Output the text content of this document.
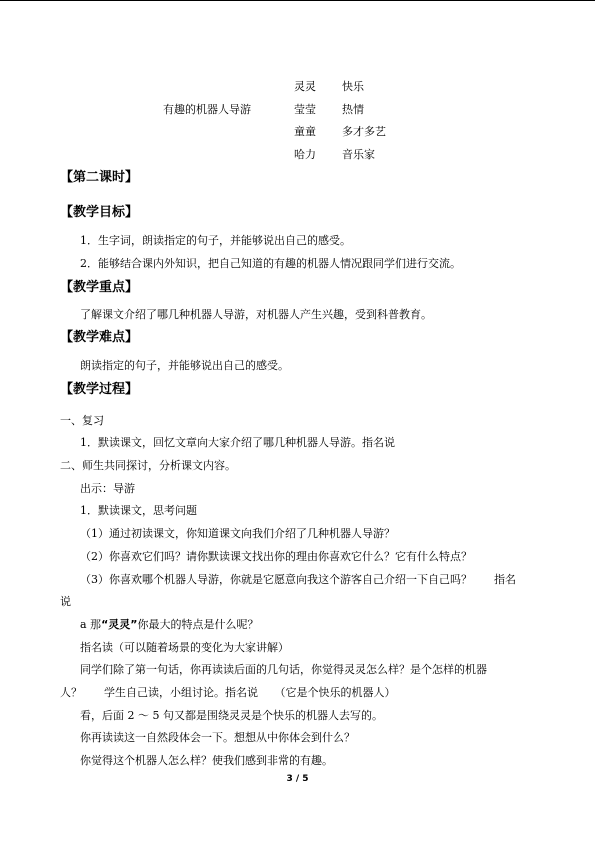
有趣的机器人导游
灵灵 快乐
莹莹 热情
童童 多才多艺
哈力 音乐家
【第二课时】
【教学目标】
1．生字词，朗读指定的句子，并能够说出自己的感受。
2．能够结合课内外知识，把自己知道的有趣的机器人情况跟同学们进行交流。
【教学重点】
了解课文介绍了哪几种机器人导游，对机器人产生兴趣，受到科普教育。
【教学难点】
朗读指定的句子，并能够说出自己的感受。
【教学过程】
一、复习
1．默读课文，回忆文章向大家介绍了哪几种机器人导游。指名说
二、师生共同探讨，分析课文内容。
出示：导游
1．默读课文，思考问题
（1）通过初读课文，你知道课文向我们介绍了几种机器人导游？
（2）你喜欢它们吗？请你默读课文找出你的理由你喜欢它什么？它有什么特点？
（3）你喜欢哪个机器人导游，你就是它愿意向我这个游客自己介绍一下自己吗？　　指名
说
a 那“灵灵”你最大的特点是什么呢？
指名读（可以随着场景的变化为大家讲解）
同学们除了第一句话，你再读读后面的几句话，你觉得灵灵怎么样？是个怎样的机器
人？　　学生自己读，小组讨论。指名说　　（它是个快乐的机器人）
看，后面 2 ～ 5 句又都是围绕灵灵是个快乐的机器人去写的。
你再读读这一自然段体会一下。想想从中你体会到什么？
你觉得这个机器人怎么样？使我们感到非常的有趣。
3 / 5
